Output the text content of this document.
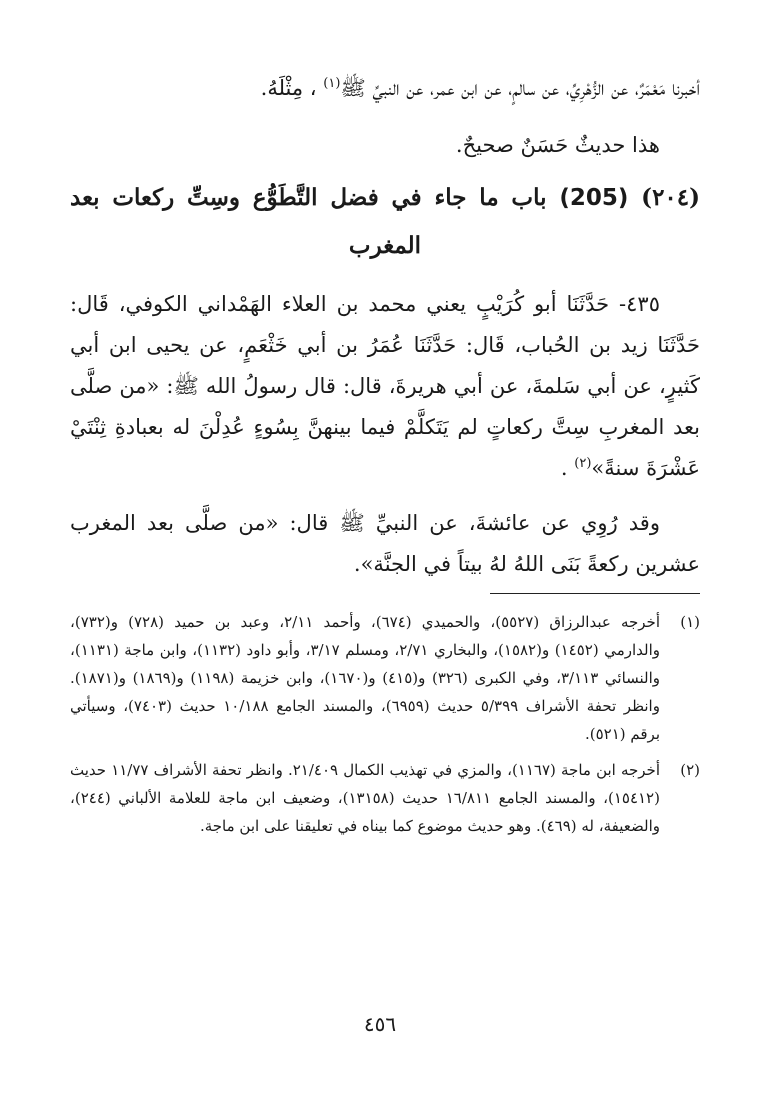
أخبرنا مَعْمَرٌ، عن الزُّهْرِيِّ، عن سالمٍ، عن ابن عمر، عن النبيِّ ﷺ$^{(١)}$ ، مِثْلَهُ.

هذا حديثٌ حَسَنٌ صحيحٌ.

(٢٠٤) (205) باب ما جاء في فضل التَّطَوُّع وسِتِّ ركعات بعد المغرب

٤٣٥- حَدَّثَنَا أبو كُرَيْبٍ يعني محمد بن العلاء الهَمْداني الكوفي، قَال: حَدَّثَنَا زيد بن الحُباب، قَال: حَدَّثَنَا عُمَرُ بن أبي خَثْعَمٍ، عن يحيى ابن أبي كَثيرٍ، عن أبي سَلمةَ، عن أبي هريرةَ، قال: قال رسولُ الله ﷺ: «من صلَّى بعد المغربِ سِتَّ ركعاتٍ لم يَتَكلَّمْ فيما بينهنَّ بِسُوءٍ عُدِلْنَ له بعبادةِ ثِنْتَيْ عَشْرَةَ سنةً»$^{(٢)}$ .

وقد رُوِي عن عائشةَ، عن النبيِّ ﷺ قال: «من صلَّى بعد المغرب عشرين ركعةً بَنَى اللهُ لهُ بيتاً في الجنَّة».

(١)
أخرجه عبدالرزاق (٥٥٢٧)، والحميدي (٦٧٤)، وأحمد ٢/١١، وعبد بن حميد (٧٢٨) و(٧٣٢)، والدارمي (١٤٥٢) و(١٥٨٢)، والبخاري ٢/٧١، ومسلم ٣/١٧، وأبو داود (١١٣٢)، وابن ماجة (١١٣١)، والنسائي ٣/١١٣، وفي الكبرى (٣٢٦) و(٤١٥) و(١٦٧٠)، وابن خزيمة (١١٩٨) و(١٨٦٩) و(١٨٧١). وانظر تحفة الأشراف ٥/٣٩٩ حديث (٦٩٥٩)، والمسند الجامع ١٠/١٨٨ حديث (٧٤٠٣)، وسيأتي برقم (٥٢١).
(٢)
أخرجه ابن ماجة (١١٦٧)، والمزي في تهذيب الكمال ٢١/٤٠٩. وانظر تحفة الأشراف ١١/٧٧ حديث (١٥٤١٢)، والمسند الجامع ١٦/٨١١ حديث (١٣١٥٨)، وضعيف ابن ماجة للعلامة الألباني (٢٤٤)، والضعيفة، له (٤٦٩). وهو حديث موضوع كما بيناه في تعليقنا على ابن ماجة.
٤٥٦
